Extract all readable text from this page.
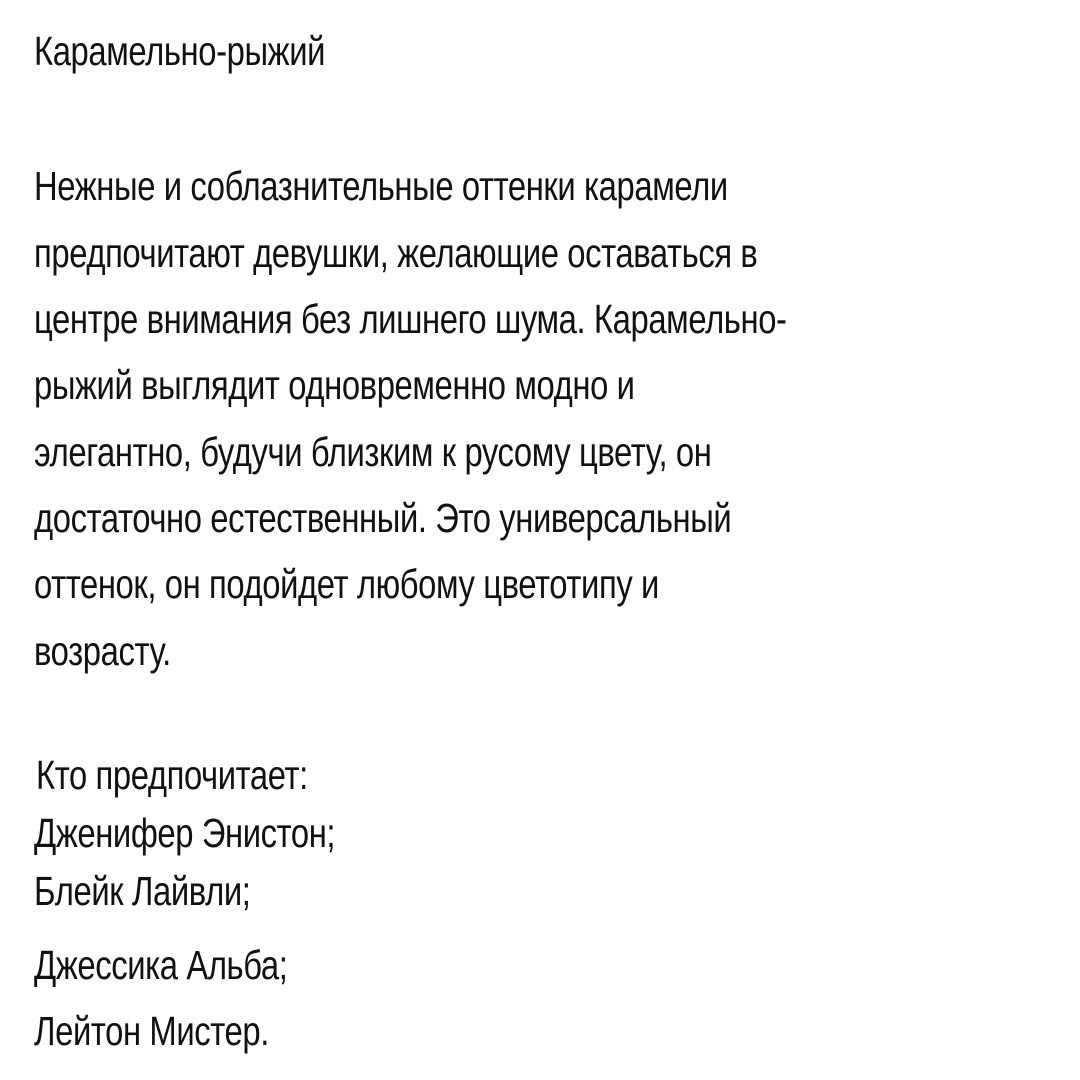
Карамельно-рыжий

Нежные и соблазнительные оттенки карамели

предпочитают девушки, желающие оставаться в

центре внимания без лишнего шума. Карамельно-

рыжий выглядит одновременно модно и

элегантно, будучи близким к русому цвету, он

достаточно естественный. Это универсальный

оттенок, он подойдет любому цветотипу и

возрасту.

Кто предпочитает:

Дженифер Энистон;

Блейк Лайвли;

Джессика Альба;

Лейтон Мистер.
